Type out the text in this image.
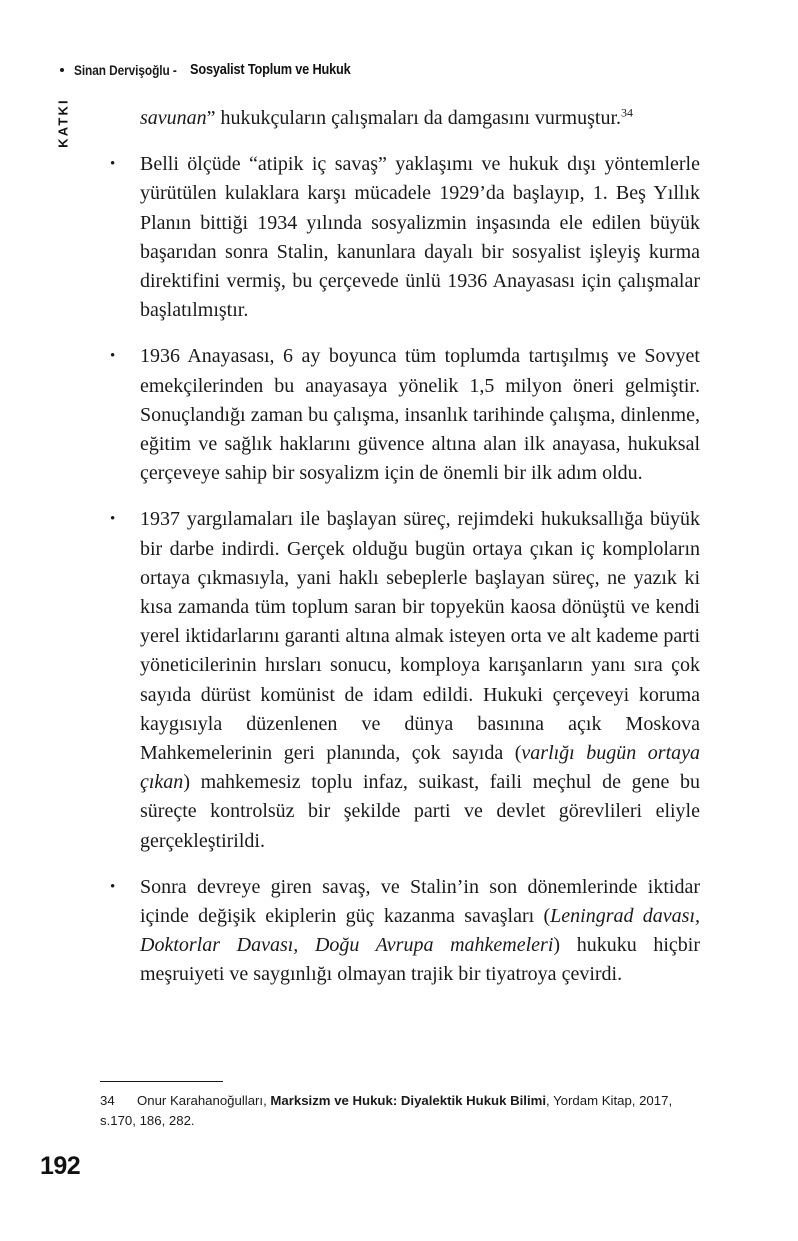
Sinan Dervişoğlu - Sosyalist Toplum ve Hukuk
KATKI	savunan” hukukçuların çalışmaları da damgasını vurmuştur.$^{34}$

• Belli ölçüde “atipik iç savaş” yaklaşımı ve hukuk dışı yöntemlerle yürütülen kulaklara karşı mücadele 1929’da başlayıp, 1. Beş Yıllık Planın bittiği 1934 yılında sosyalizmin inşasında ele edilen büyük başarıdan sonra Stalin, kanunlara dayalı bir sosyalist işleyiş kurma direktifini vermiş, bu çerçevede ünlü 1936 Anayasası için çalışmalar başlatılmıştır.

• 1936 Anayasası, 6 ay boyunca tüm toplumda tartışılmış ve Sovyet emekçilerinden bu anayasaya yönelik 1,5 milyon öneri gelmiştir. Sonuçlandığı zaman bu çalışma, insanlık tarihinde çalışma, dinlenme, eğitim ve sağlık haklarını güvence altına alan ilk anayasa, hukuksal çerçeveye sahip bir sosyalizm için de önemli bir ilk adım oldu.

• 1937 yargılamaları ile başlayan süreç, rejimdeki hukuksallığa büyük bir darbe indirdi. Gerçek olduğu bugün ortaya çıkan iç komploların ortaya çıkmasıyla, yani haklı sebeplerle başlayan süreç, ne yazık ki kısa zamanda tüm toplum saran bir topyekün kaosa dönüştü ve kendi yerel iktidarlarını garanti altına almak isteyen orta ve alt kademe parti yöneticilerinin hırsları sonucu, komploya karışanların yanı sıra çok sayıda dürüst komünist de idam edildi. Hukuki çerçeveyi koruma kaygısıyla düzenlenen ve dünya basınına açık Moskova Mahkemelerinin geri planında, çok sayıda (varlığı bugün ortaya çıkan) mahkemesiz toplu infaz, suikast, faili meçhul de gene bu süreçte kontrolsüz bir şekilde parti ve devlet görevlileri eliyle gerçekleştirildi.

• Sonra devreye giren savaş, ve Stalin’in son dönemlerinde iktidar içinde değişik ekiplerin güç kazanma savaşları (Leningrad davası, Doktorlar Davası, Doğu Avrupa mahkemeleri) hukuku hiçbir meşruiyeti ve saygınlığı olmayan trajik bir tiyatroya çevirdi.

34 Onur Karahanoğulları, Marksizm ve Hukuk: Diyalektik Hukuk Bilimi, Yordam Kitap, 2017, s.170, 186, 282.
192
